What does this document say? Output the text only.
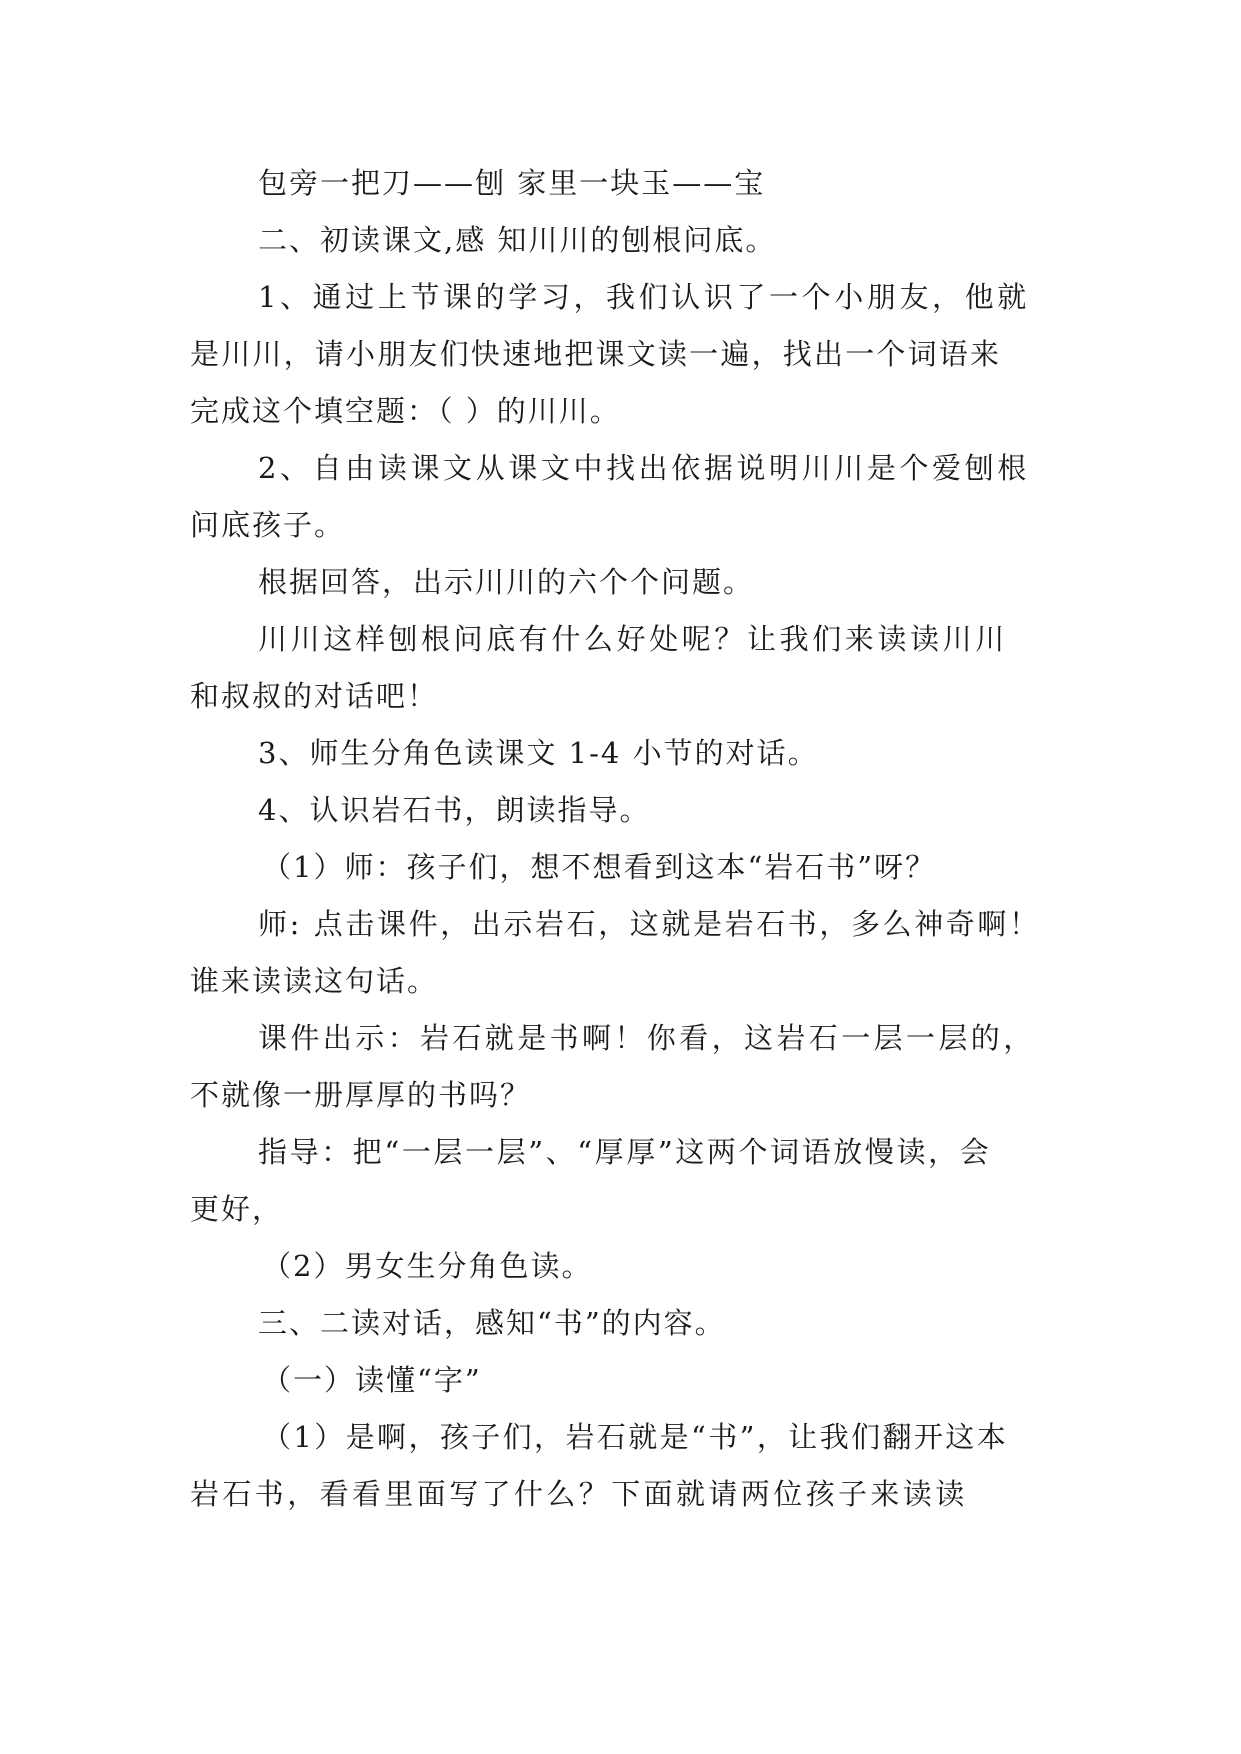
包旁一把刀——刨 家里一块玉——宝
二、初读课文,感 知川川的刨根问底。
1、通过上节课的学习，我们认识了一个小朋友，他就
是川川，请小朋友们快速地把课文读一遍，找出一个词语来
完成这个填空题：（ ）的川川。
2、自由读课文从课文中找出依据说明川川是个爱刨根
问底孩子。
根据回答，出示川川的六个个问题。
川川这样刨根问底有什么好处呢？让我们来读读川川
和叔叔的对话吧！
3、师生分角色读课文 1-4 小节的对话。
4、认识岩石书，朗读指导。
（1）师：孩子们，想不想看到这本“岩石书”呀？
师: 点击课件，出示岩石，这就是岩石书，多么神奇啊！
谁来读读这句话。
课件出示：岩石就是书啊！你看，这岩石一层一层的，
不就像一册厚厚的书吗？
指导：把“一层一层”、“厚厚”这两个词语放慢读，会
更好，
（2）男女生分角色读。
三、二读对话，感知“书”的内容。
（一）读懂“字”
（1）是啊，孩子们，岩石就是“书”，让我们翻开这本
岩石书，看看里面写了什么？下面就请两位孩子来读读
